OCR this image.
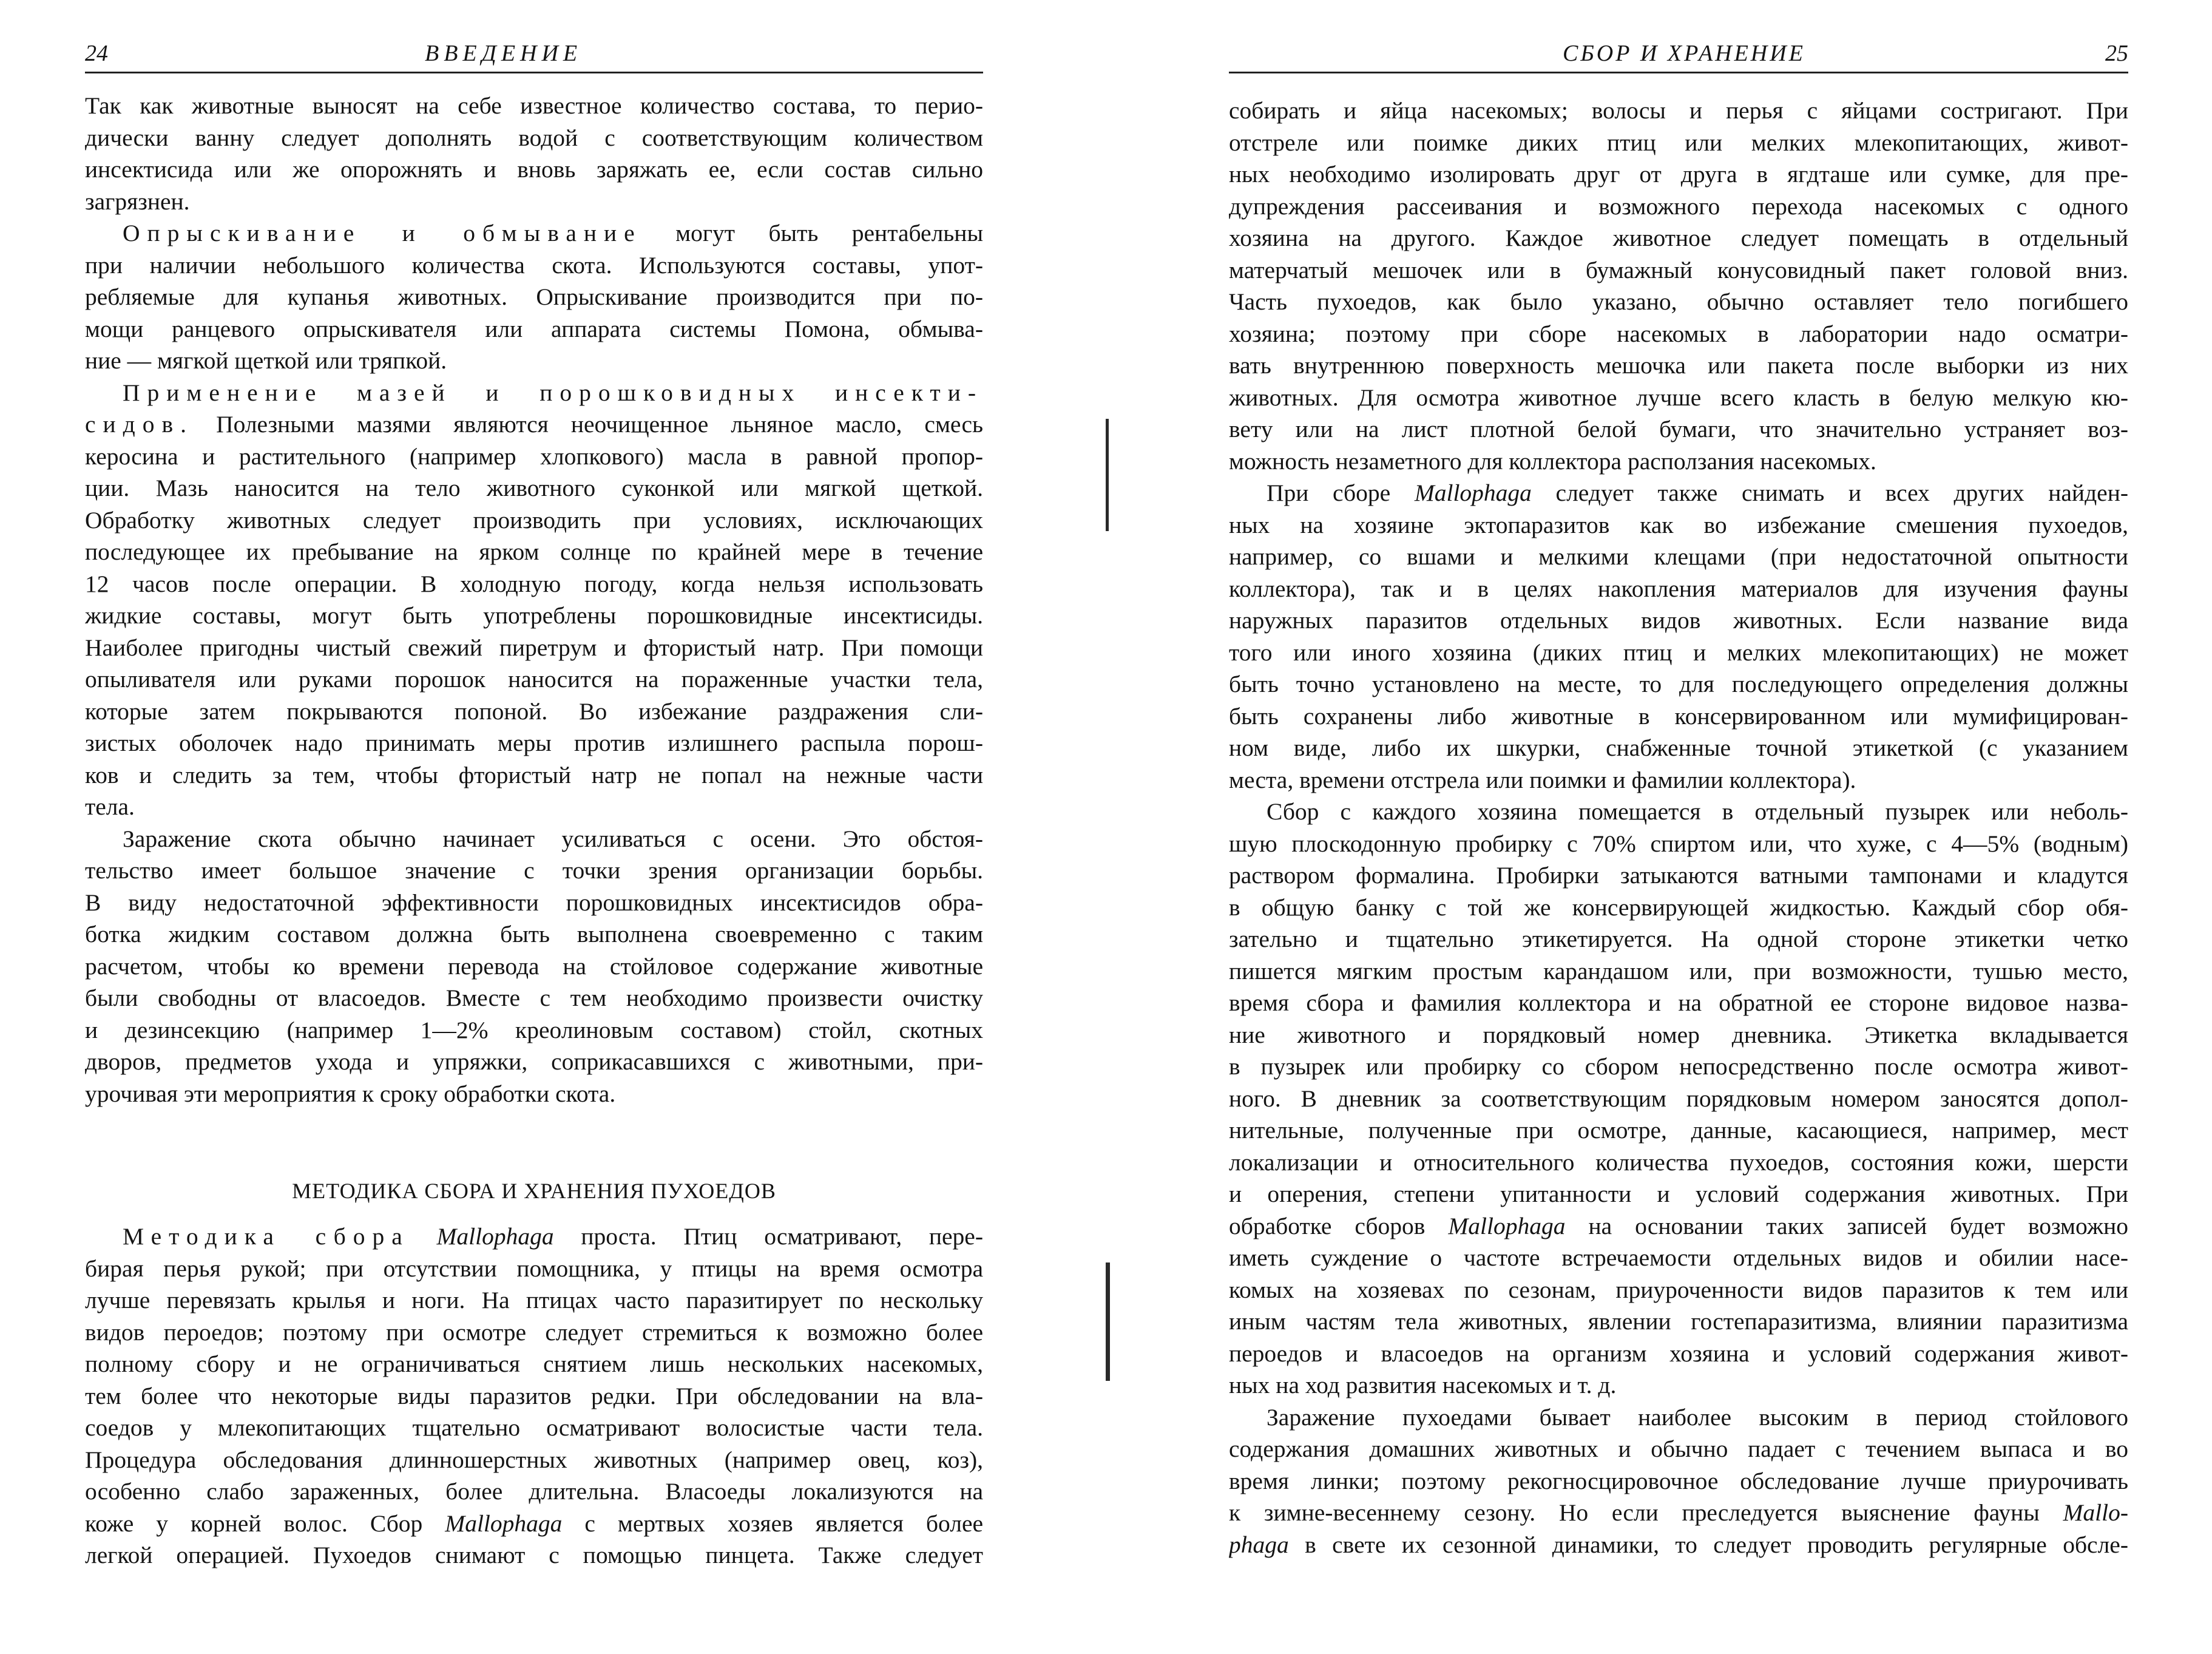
24	ВВЕДЕНИЕ
Так как животные выносят на себе известное количество состава, то перио-
дически ванну следует дополнять водой с соответствующим количеством
инсектисида или же опорожнять и вновь заряжать ее, если состав сильно
загрязнен.
Опрыскивание и обмывание могут быть рентабельны
при наличии небольшого количества скота. Используются составы, упот-
ребляемые для купанья животных. Опрыскивание производится при по-
мощи ранцевого опрыскивателя или аппарата системы Помона, обмыва-
ние — мягкой щеткой или тряпкой.
Применение мазей и порошковидных инсекти-
сидов. Полезными мазями являются неочищенное льняное масло, смесь
керосина и растительного (например хлопкового) масла в равной пропор-
ции. Мазь наносится на тело животного суконкой или мягкой щеткой.
Обработку животных следует производить при условиях, исключающих
последующее их пребывание на ярком солнце по крайней мере в течение
12 часов после операции. В холодную погоду, когда нельзя использовать
жидкие составы, могут быть употреблены порошковидные инсектисиды.
Наиболее пригодны чистый свежий пиретрум и фтористый натр. При помощи
опыливателя или руками порошок наносится на пораженные участки тела,
которые затем покрываются попоной. Во избежание раздражения сли-
зистых оболочек надо принимать меры против излишнего распыла порош-
ков и следить за тем, чтобы фтористый натр не попал на нежные части
тела.
Заражение скота обычно начинает усиливаться с осени. Это обстоя-
тельство имеет большое значение с точки зрения организации борьбы.
В виду недостаточной эффективности порошковидных инсектисидов обра-
ботка жидким составом должна быть выполнена своевременно с таким
расчетом, чтобы ко времени перевода на стойловое содержание животные
были свободны от власоедов. Вместе с тем необходимо произвести очистку
и дезинсекцию (например 1—2% креолиновым составом) стойл, скотных
дворов, предметов ухода и упряжки, соприкасавшихся с животными, при-
урочивая эти мероприятия к сроку обработки скота.
МЕТОДИКА СБОРА И ХРАНЕНИЯ ПУХОЕДОВ
Методика сбора Mallophaga проста. Птиц осматривают, пере-
бирая перья рукой; при отсутствии помощника, у птицы на время осмотра
лучше перевязать крылья и ноги. На птицах часто паразитирует по нескольку
видов пероедов; поэтому при осмотре следует стремиться к возможно более
полному сбору и не ограничиваться снятием лишь нескольких насекомых,
тем более что некоторые виды паразитов редки. При обследовании на вла-
соедов у млекопитающих тщательно осматривают волосистые части тела.
Процедура обследования длинношерстных животных (например овец, коз),
особенно слабо зараженных, более длительна. Власоеды локализуются на
коже у корней волос. Сбор Mallophaga с мертвых хозяев является более
легкой операцией. Пухоедов снимают с помощью пинцета. Также следует
СБОР И ХРАНЕНИЕ	25
собирать и яйца насекомых; волосы и перья с яйцами состригают. При
отстреле или поимке диких птиц или мелких млекопитающих, живот-
ных необходимо изолировать друг от друга в ягдташе или сумке, для пре-
дупреждения рассеивания и возможного перехода насекомых с одного
хозяина на другого. Каждое животное следует помещать в отдельный
матерчатый мешочек или в бумажный конусовидный пакет головой вниз.
Часть пухоедов, как было указано, обычно оставляет тело погибшего
хозяина; поэтому при сборе насекомых в лаборатории надо осматри-
вать внутреннюю поверхность мешочка или пакета после выборки из них
животных. Для осмотра животное лучше всего класть в белую мелкую кю-
вету или на лист плотной белой бумаги, что значительно устраняет воз-
можность незаметного для коллектора расползания насекомых.
При сборе Mallophaga следует также снимать и всех других найден-
ных на хозяине эктопаразитов как во избежание смешения пухоедов,
например, со вшами и мелкими клещами (при недостаточной опытности
коллектора), так и в целях накопления материалов для изучения фауны
наружных паразитов отдельных видов животных. Если название вида
того или иного хозяина (диких птиц и мелких млекопитающих) не может
быть точно установлено на месте, то для последующего определения должны
быть сохранены либо животные в консервированном или мумифицирован-
ном виде, либо их шкурки, снабженные точной этикеткой (с указанием
места, времени отстрела или поимки и фамилии коллектора).
Сбор с каждого хозяина помещается в отдельный пузырек или неболь-
шую плоскодонную пробирку с 70% спиртом или, что хуже, с 4—5% (водным)
раствором формалина. Пробирки затыкаются ватными тампонами и кладутся
в общую банку с той же консервирующей жидкостью. Каждый сбор обя-
зательно и тщательно этикетируется. На одной стороне этикетки четко
пишется мягким простым карандашом или, при возможности, тушью место,
время сбора и фамилия коллектора и на обратной ее стороне видовое назва-
ние животного и порядковый номер дневника. Этикетка вкладывается
в пузырек или пробирку со сбором непосредственно после осмотра живот-
ного. В дневник за соответствующим порядковым номером заносятся допол-
нительные, полученные при осмотре, данные, касающиеся, например, мест
локализации и относительного количества пухоедов, состояния кожи, шерсти
и оперения, степени упитанности и условий содержания животных. При
обработке сборов Mallophaga на основании таких записей будет возможно
иметь суждение о частоте встречаемости отдельных видов и обилии насе-
комых на хозяевах по сезонам, приуроченности видов паразитов к тем или
иным частям тела животных, явлении гостепаразитизма, влиянии паразитизма
пероедов и власоедов на организм хозяина и условий содержания живот-
ных на ход развития насекомых и т. д.
Заражение пухоедами бывает наиболее высоким в период стойлового
содержания домашних животных и обычно падает с течением выпаса и во
время линки; поэтому рекогносцировочное обследование лучше приурочивать
к зимне-весеннему сезону. Но если преследуется выяснение фауны Mallo-
phaga в свете их сезонной динамики, то следует проводить регулярные обсле-
